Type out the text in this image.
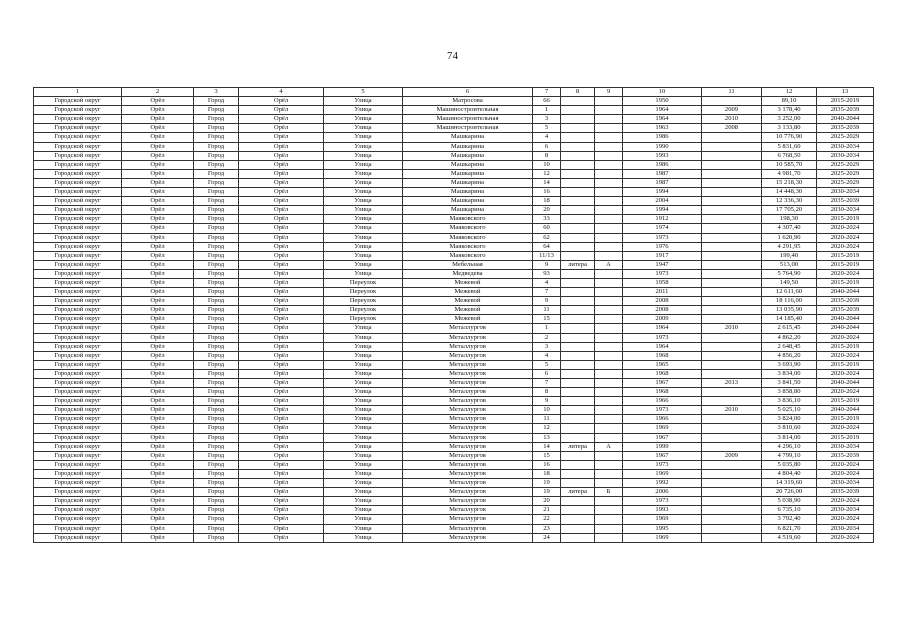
74
1	2	3	4	5	6	7	8	9	10	11	12	13
Городской округ	Орёл	Город	Орёл	Улица	Матросова	66			1950		89,10	2015-2019
Городской округ	Орёл	Город	Орёл	Улица	Машиностроительная	1			1964	2009	3 178,40	2035-2039
Городской округ	Орёл	Город	Орёл	Улица	Машиностроительная	3			1964	2010	3 252,00	2040-2044
Городской округ	Орёл	Город	Орёл	Улица	Машиностроительная	5			1963	2008	3 133,80	2035-2039
Городской округ	Орёл	Город	Орёл	Улица	Машкарина	4			1986		10 776,90	2025-2029
Городской округ	Орёл	Город	Орёл	Улица	Машкарина	6			1990		5 831,60	2030-2034
Городской округ	Орёл	Город	Орёл	Улица	Машкарина	8			1993		6 768,50	2030-2034
Городской округ	Орёл	Город	Орёл	Улица	Машкарина	10			1986		10 585,70	2025-2029
Городской округ	Орёл	Город	Орёл	Улица	Машкарина	12			1987		4 981,70	2025-2029
Городской округ	Орёл	Город	Орёл	Улица	Машкарина	14			1987		15 218,30	2025-2029
Городской округ	Орёл	Город	Орёл	Улица	Машкарина	16			1994		14 448,30	2030-2034
Городской округ	Орёл	Город	Орёл	Улица	Машкарина	18			2004		12 336,30	2035-2039
Городской округ	Орёл	Город	Орёл	Улица	Машкарина	20			1994		17 705,20	2030-2034
Городской округ	Орёл	Город	Орёл	Улица	Маяковского	33			1912		198,30	2015-2019
Городской округ	Орёл	Город	Орёл	Улица	Маяковского	60			1974		4 307,40	2020-2024
Городской округ	Орёл	Город	Орёл	Улица	Маяковского	62			1973		1 620,90	2020-2024
Городской округ	Орёл	Город	Орёл	Улица	Маяковского	64			1976		4 291,95	2020-2024
Городской округ	Орёл	Город	Орёл	Улица	Маяковского	11/13			1917		199,40	2015-2019
Городской округ	Орёл	Город	Орёл	Улица	Мебельная	9	литера	А	1947		513,00	2015-2019
Городской округ	Орёл	Город	Орёл	Улица	Медведева	93			1973		5 764,90	2020-2024
Городской округ	Орёл	Город	Орёл	Переулок	Межевой	4			1958		149,50	2015-2019
Городской округ	Орёл	Город	Орёл	Переулок	Межевой	7			2011		12 611,60	2040-2044
Городской округ	Орёл	Город	Орёл	Переулок	Межевой	9			2008		18 116,00	2035-2039
Городской округ	Орёл	Город	Орёл	Переулок	Межевой	11			2008		13 035,90	2035-2039
Городской округ	Орёл	Город	Орёл	Переулок	Межевой	15			2009		14 185,40	2040-2044
Городской округ	Орёл	Город	Орёл	Улица	Металлургов	1			1964	2010	2 615,45	2040-2044
Городской округ	Орёл	Город	Орёл	Улица	Металлургов	2			1973		4 862,20	2020-2024
Городской округ	Орёл	Город	Орёл	Улица	Металлургов	3			1964		2 648,45	2015-2019
Городской округ	Орёл	Город	Орёл	Улица	Металлургов	4			1968		4 856,20	2020-2024
Городской округ	Орёл	Город	Орёл	Улица	Металлургов	5			1965		3 693,90	2015-2019
Городской округ	Орёл	Город	Орёл	Улица	Металлургов	6			1968		3 834,00	2020-2024
Городской округ	Орёл	Город	Орёл	Улица	Металлургов	7			1967	2013	3 841,50	2040-2044
Городской округ	Орёл	Город	Орёл	Улица	Металлургов	8			1968		3 858,80	2020-2024
Городской округ	Орёл	Город	Орёл	Улица	Металлургов	9			1966		3 836,10	2015-2019
Городской округ	Орёл	Город	Орёл	Улица	Металлургов	10			1973	2010	5 025,10	2040-2044
Городской округ	Орёл	Город	Орёл	Улица	Металлургов	11			1966		3 824,00	2015-2019
Городской округ	Орёл	Город	Орёл	Улица	Металлургов	12			1969		3 810,60	2020-2024
Городской округ	Орёл	Город	Орёл	Улица	Металлургов	13			1967		3 814,00	2015-2019
Городской округ	Орёл	Город	Орёл	Улица	Металлургов	14	литера	А	1999		4 296,10	2030-2034
Городской округ	Орёл	Город	Орёл	Улица	Металлургов	15			1967	2009	4 799,10	2035-2039
Городской округ	Орёл	Город	Орёл	Улица	Металлургов	16			1973		5 035,80	2020-2024
Городской округ	Орёл	Город	Орёл	Улица	Металлургов	18			1969		4 804,40	2020-2024
Городской округ	Орёл	Город	Орёл	Улица	Металлургов	19			1992		14 319,60	2030-2034
Городской округ	Орёл	Город	Орёл	Улица	Металлургов	19	литера	Б	2006		20 726,00	2035-2039
Городской округ	Орёл	Город	Орёл	Улица	Металлургов	20			1973		5 038,90	2020-2024
Городской округ	Орёл	Город	Орёл	Улица	Металлургов	21			1993		6 735,10	2030-2034
Городской округ	Орёл	Город	Орёл	Улица	Металлургов	22			1969		3 792,40	2020-2024
Городской округ	Орёл	Город	Орёл	Улица	Металлургов	23			1995		6 821,70	2030-2034
Городской округ	Орёл	Город	Орёл	Улица	Металлургов	24			1969		4 519,60	2020-2024
